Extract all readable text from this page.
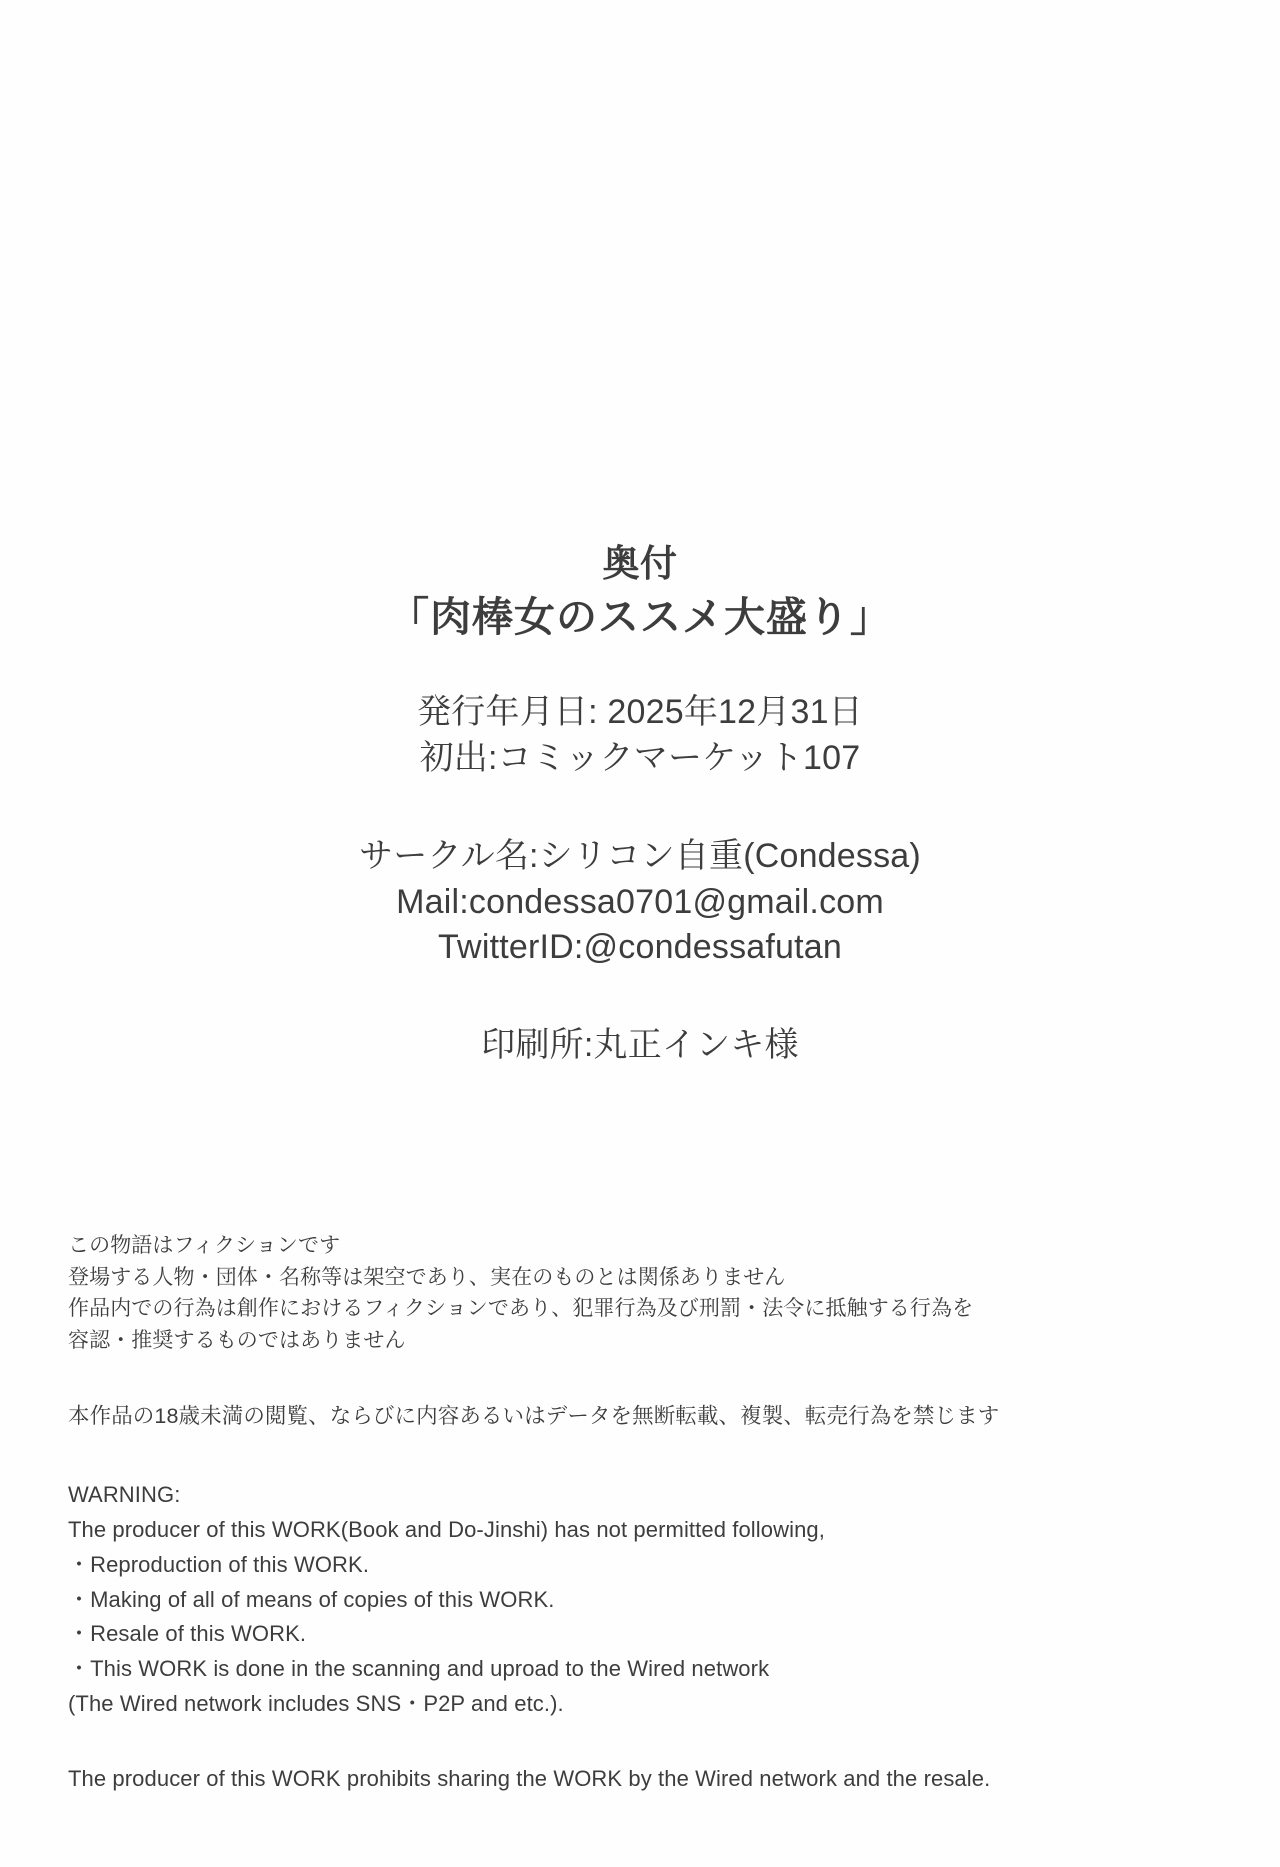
奥付
「肉棒女のススメ大盛り」
発行年月日: 2025年12月31日
初出:コミックマーケット107
サークル名:シリコン自重(Condessa)
Mail:condessa0701@gmail.com
TwitterID:@condessafutan
印刷所:丸正インキ様

この物語はフィクションです

登場する人物・団体・名称等は架空であり、実在のものとは関係ありません

作品内での行為は創作におけるフィクションであり、犯罪行為及び刑罰・法令に抵触する行為を

容認・推奨するものではありません

本作品の18歳未満の閲覧、ならびに内容あるいはデータを無断転載、複製、転売行為を禁じます

WARNING:

The producer of this WORK(Book and Do-Jinshi) has not permitted following,

・Reproduction of this WORK.

・Making of all of means of copies of this WORK.

・Resale of this WORK.

・This WORK is done in the scanning and uproad to the Wired network

(The Wired network includes SNS・P2P and etc.).

The producer of this WORK prohibits sharing the WORK by the Wired network and the resale.
